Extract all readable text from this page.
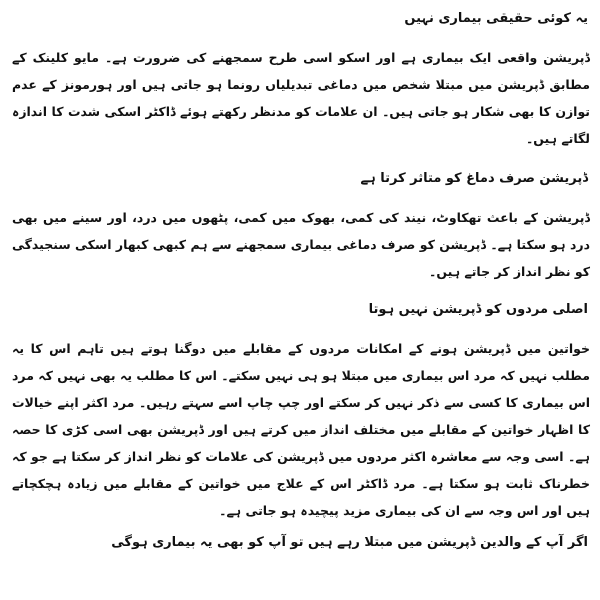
یہ کوئی حقیقی بیماری نہیں

ڈپریشن واقعی ایک بیماری ہے اور اسکو اسی طرح سمجھنے کی ضرورت ہے۔ مایو کلینک کے مطابق ڈپریشن میں مبتلا شخص میں دماغی تبدیلیاں رونما ہو جاتی ہیں اور ہورمونز کے عدم توازن کا بھی شکار ہو جاتی ہیں۔ ان علامات کو مدنظر رکھتے ہوئے ڈاکٹر اسکی شدت کا اندازہ لگاتے ہیں۔

ڈپریشن صرف دماغ کو متاثر کرتا ہے

ڈپریشن کے باعث تھکاوٹ، نیند کی کمی، بھوک میں کمی، پٹھوں میں درد، اور سینے میں بھی درد ہو سکتا ہے۔ ڈپریشن کو صرف دماغی بیماری سمجھنے سے ہم کبھی کبھار اسکی سنجیدگی کو نظر انداز کر جاتے ہیں۔

اصلی مردوں کو ڈپریشن نہیں ہوتا

خواتین میں ڈپریشن ہونے کے امکانات مردوں کے مقابلے میں دوگنا ہوتے ہیں تاہم اس کا یہ مطلب نہیں کہ مرد اس بیماری میں مبتلا ہو ہی نہیں سکتے۔ اس کا مطلب یہ بھی نہیں کہ مرد اس بیماری کا کسی سے ذکر نہیں کر سکتے اور چپ چاپ اسے سہتے رہیں۔ مرد اکثر اپنے خیالات کا اظہار خواتین کے مقابلے میں مختلف انداز میں کرتے ہیں اور ڈپریشن بھی اسی کڑی کا حصہ ہے۔ اسی وجہ سے معاشرہ اکثر مردوں میں ڈپریشن کی علامات کو نظر انداز کر سکتا ہے جو کہ خطرناک ثابت ہو سکتا ہے۔ مرد ڈاکٹر اس کے علاج میں خواتین کے مقابلے میں زیادہ ہچکچاتے ہیں اور اس وجہ سے ان کی بیماری مزید پیچیدہ ہو جاتی ہے۔

اگر آپ کے والدین ڈپریشن میں مبتلا رہے ہیں تو آپ کو بھی یہ بیماری ہوگی
